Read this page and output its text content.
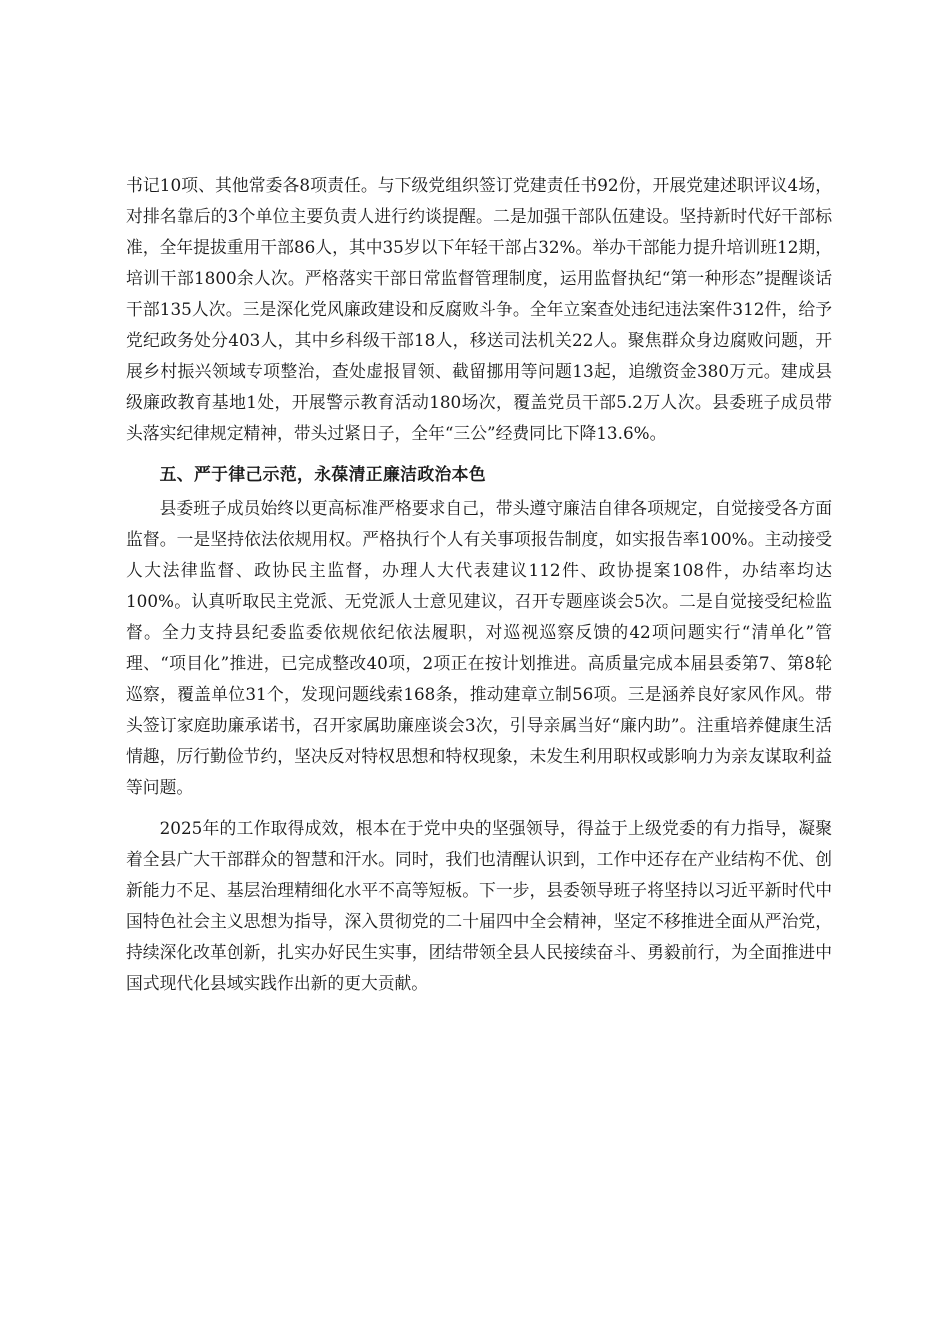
书记10项、其他常委各8项责任。与下级党组织签订党建责任书92份，开展党建述职评议4场，对排名靠后的3个单位主要负责人进行约谈提醒。二是加强干部队伍建设。坚持新时代好干部标准，全年提拔重用干部86人，其中35岁以下年轻干部占32%。举办干部能力提升培训班12期，培训干部1800余人次。严格落实干部日常监督管理制度，运用监督执纪“第一种形态”提醒谈话干部135人次。三是深化党风廉政建设和反腐败斗争。全年立案查处违纪违法案件312件，给予党纪政务处分403人，其中乡科级干部18人，移送司法机关22人。聚焦群众身边腐败问题，开展乡村振兴领域专项整治，查处虚报冒领、截留挪用等问题13起，追缴资金380万元。建成县级廉政教育基地1处，开展警示教育活动180场次，覆盖党员干部5.2万人次。县委班子成员带头落实纪律规定精神，带头过紧日子，全年“三公”经费同比下降13.6%。

五、严于律己示范，永葆清正廉洁政治本色

县委班子成员始终以更高标准严格要求自己，带头遵守廉洁自律各项规定，自觉接受各方面监督。一是坚持依法依规用权。严格执行个人有关事项报告制度，如实报告率100%。主动接受人大法律监督、政协民主监督，办理人大代表建议112件、政协提案108件，办结率均达100%。认真听取民主党派、无党派人士意见建议，召开专题座谈会5次。二是自觉接受纪检监督。全力支持县纪委监委依规依纪依法履职，对巡视巡察反馈的42项问题实行“清单化”管理、“项目化”推进，已完成整改40项，2项正在按计划推进。高质量完成本届县委第7、第8轮巡察，覆盖单位31个，发现问题线索168条，推动建章立制56项。三是涵养良好家风作风。带头签订家庭助廉承诺书，召开家属助廉座谈会3次，引导亲属当好“廉内助”。注重培养健康生活情趣，厉行勤俭节约，坚决反对特权思想和特权现象，未发生利用职权或影响力为亲友谋取利益等问题。

2025年的工作取得成效，根本在于党中央的坚强领导，得益于上级党委的有力指导，凝聚着全县广大干部群众的智慧和汗水。同时，我们也清醒认识到，工作中还存在产业结构不优、创新能力不足、基层治理精细化水平不高等短板。下一步，县委领导班子将坚持以习近平新时代中国特色社会主义思想为指导，深入贯彻党的二十届四中全会精神，坚定不移推进全面从严治党，持续深化改革创新，扎实办好民生实事，团结带领全县人民接续奋斗、勇毅前行，为全面推进中国式现代化县域实践作出新的更大贡献。
